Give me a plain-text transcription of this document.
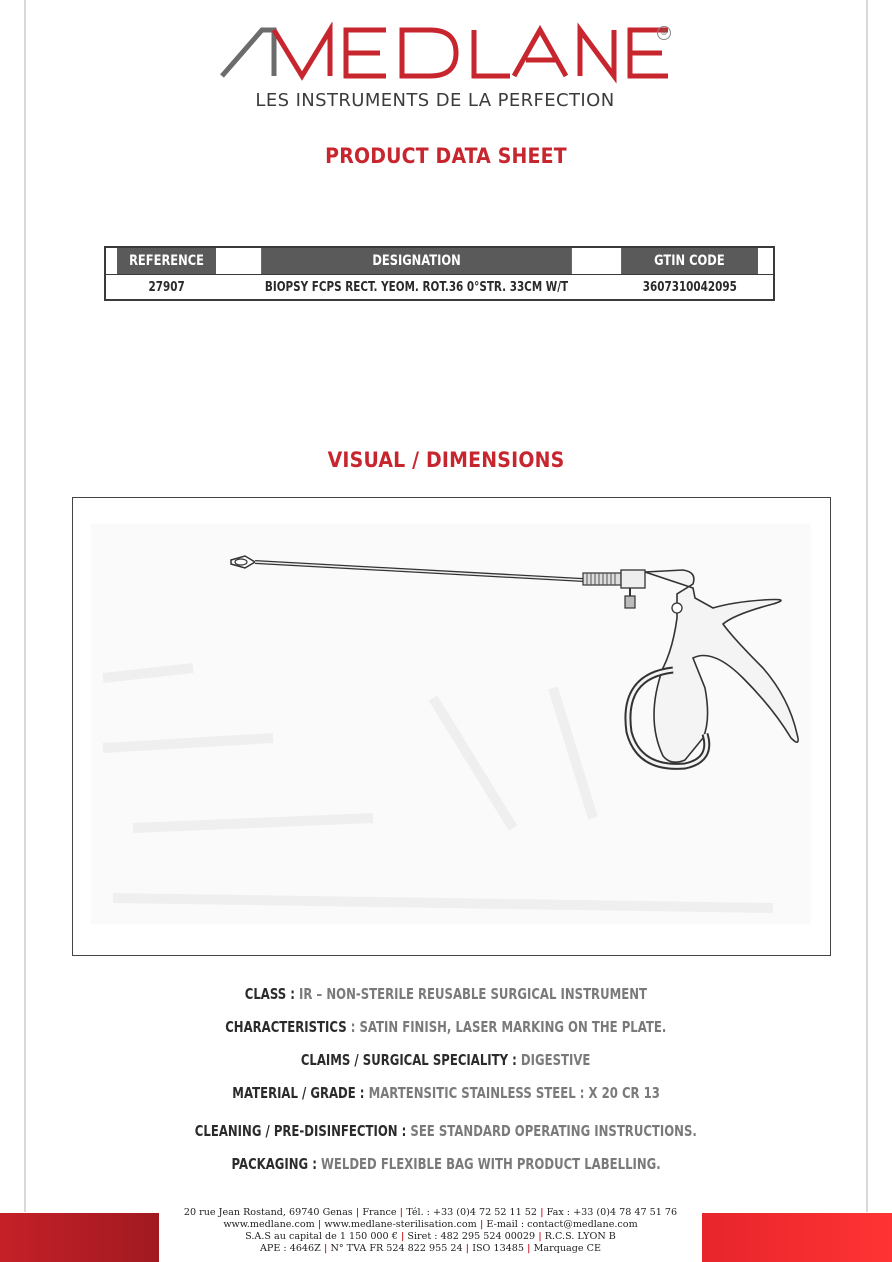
®
LES INSTRUMENTS DE LA PERFECTION
PRODUCT DATA SHEET
REFERENCE	DESIGNATION	GTIN CODE
27907	BIOPSY FCPS RECT. YEOM. ROT.36 0°STR. 33CM W/T	3607310042095
VISUAL / DIMENSIONS
CLASS : IR – NON-STERILE REUSABLE SURGICAL INSTRUMENT
CHARACTERISTICS : SATIN FINISH, LASER MARKING ON THE PLATE.
CLAIMS / SURGICAL SPECIALITY : DIGESTIVE
MATERIAL / GRADE : MARTENSITIC STAINLESS STEEL : X 20 CR 13
CLEANING / PRE-DISINFECTION : SEE STANDARD OPERATING INSTRUCTIONS.
PACKAGING : WELDED FLEXIBLE BAG WITH PRODUCT LABELLING.
20 rue Jean Rostand, 69740 Genas | France | Tél. : +33 (0)4 72 52 11 52 | Fax : +33 (0)4 78 47 51 76
www.medlane.com | www.medlane-sterilisation.com | E-mail : contact@medlane.com
S.A.S au capital de 1 150 000 € | Siret : 482 295 524 00029 | R.C.S. LYON B
APE : 4646Z | N° TVA FR 524 822 955 24 | ISO 13485 | Marquage CE
